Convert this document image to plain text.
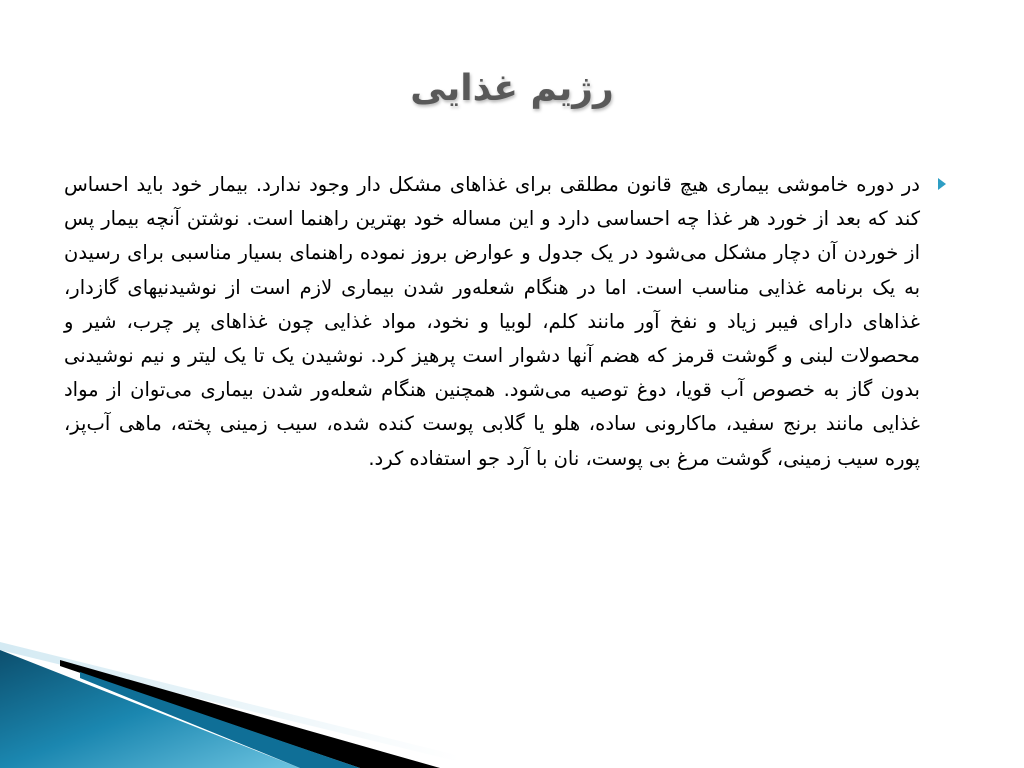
رژیم غذایی

در دوره خاموشی بیماری هیچ قانون مطلقی برای غذاهای مشکل دار وجود ندارد. بیمار خود باید احساس کند که بعد از خورد هر غذا چه احساسی دارد و این مساله خود بهترین راهنما است. نوشتن آنچه بیمار پس از خوردن آن دچار مشکل می‌شود در یک جدول و عوارض بروز نموده راهنمای بسیار مناسبی برای رسیدن به یک برنامه غذایی مناسب است. اما در هنگام شعله‌ور شدن بیماری لازم است از نوشیدنیهای گازدار، غذاهای دارای فیبر زیاد و نفخ آور مانند کلم، لوبیا و نخود، مواد غذایی چون غذاهای پر چرب، شیر و محصولات لبنی و گوشت قرمز که هضم آنها دشوار است پرهیز کرد. نوشیدن یک تا یک لیتر و نیم نوشیدنی بدون گاز به خصوص آب قویا، دوغ توصیه می‌شود. همچنین هنگام شعله‌ور شدن بیماری می‌توان از مواد غذایی مانند برنج سفید، ماکارونی ساده، هلو یا گلابی پوست کنده شده، سیب زمینی پخته، ماهی آب‌پز، پوره سیب زمینی، گوشت مرغ بی پوست، نان با آرد جو استفاده کرد.
